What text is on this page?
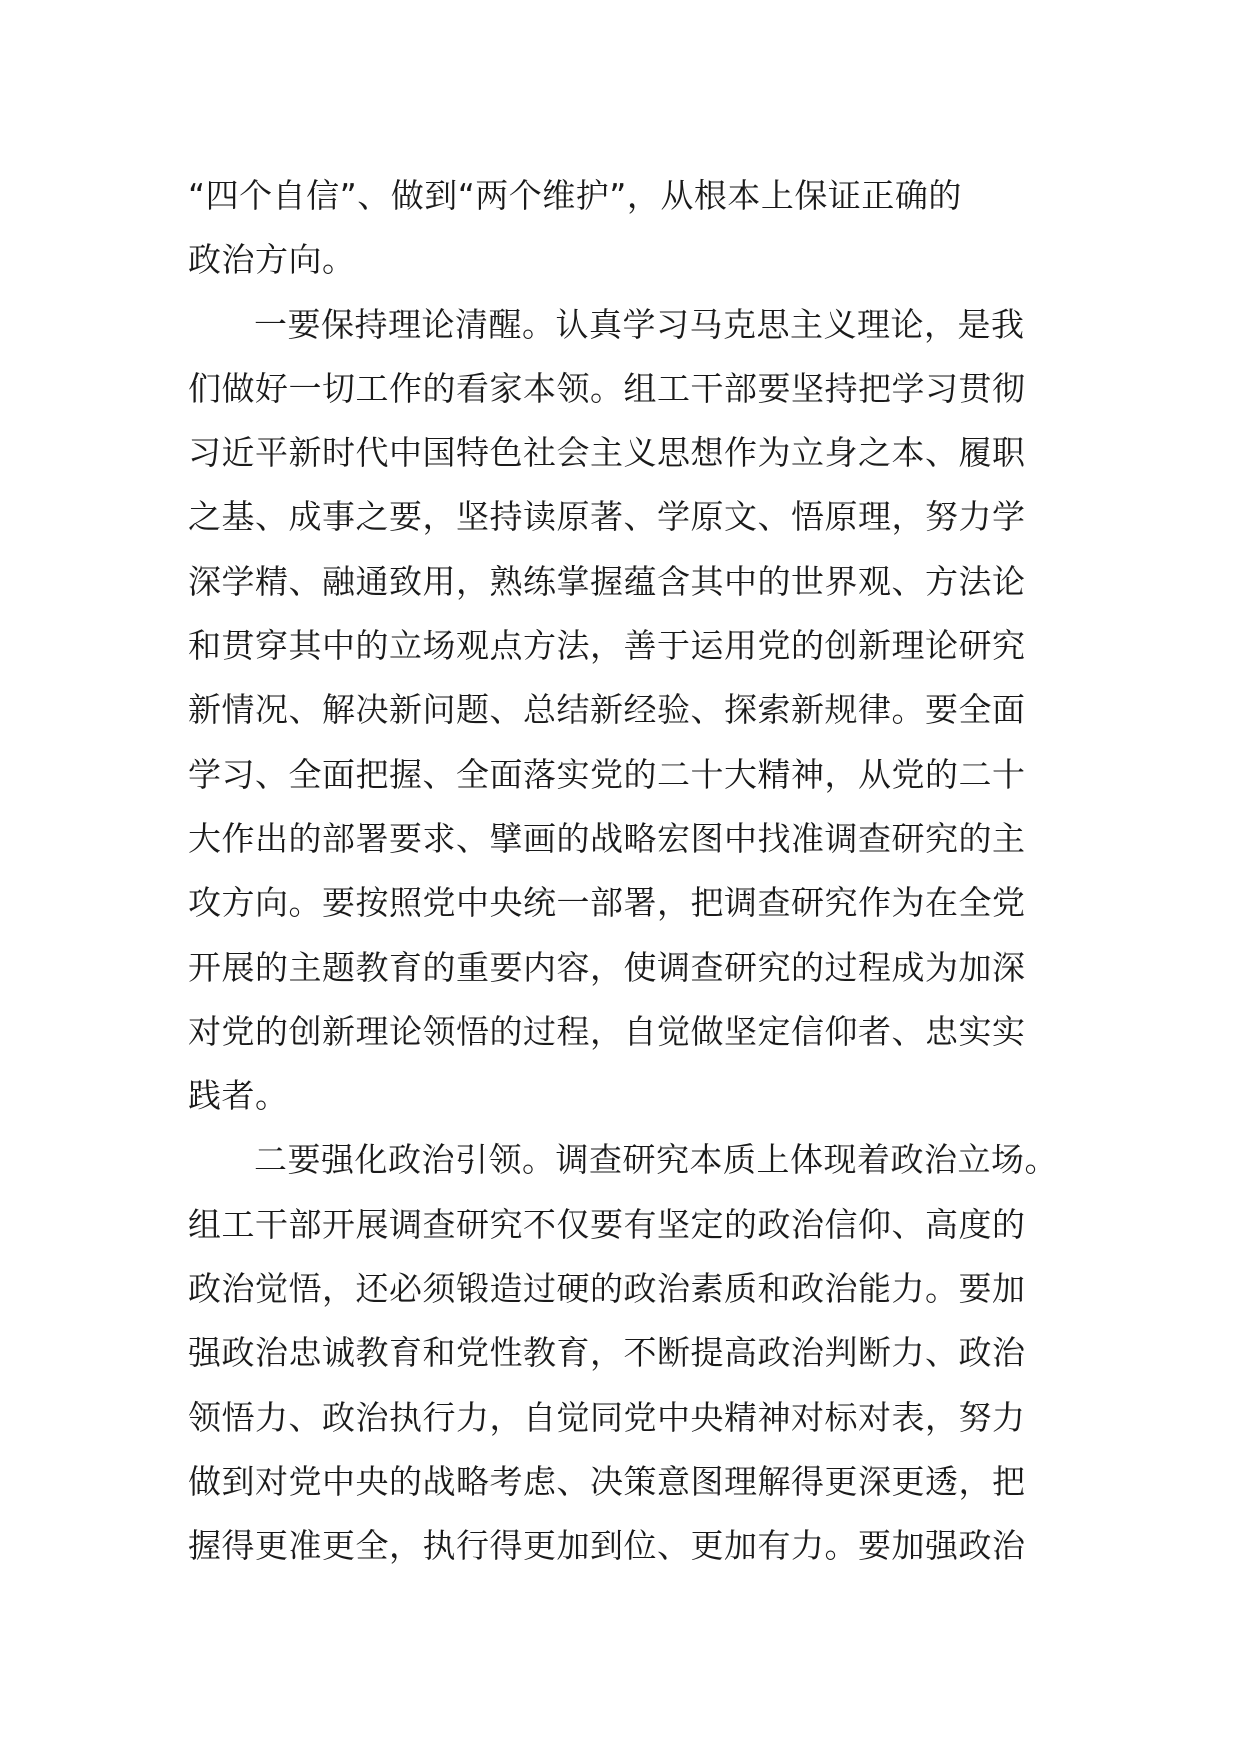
“四个自信”、做到“两个维护”，从根本上保证正确的
政治方向。
一要保持理论清醒。认真学习马克思主义理论，是我
们做好一切工作的看家本领。组工干部要坚持把学习贯彻
习近平新时代中国特色社会主义思想作为立身之本、履职
之基、成事之要，坚持读原著、学原文、悟原理，努力学
深学精、融通致用，熟练掌握蕴含其中的世界观、方法论
和贯穿其中的立场观点方法，善于运用党的创新理论研究
新情况、解决新问题、总结新经验、探索新规律。要全面
学习、全面把握、全面落实党的二十大精神，从党的二十
大作出的部署要求、擘画的战略宏图中找准调查研究的主
攻方向。要按照党中央统一部署，把调查研究作为在全党
开展的主题教育的重要内容，使调查研究的过程成为加深
对党的创新理论领悟的过程，自觉做坚定信仰者、忠实实
践者。
二要强化政治引领。调查研究本质上体现着政治立场。
组工干部开展调查研究不仅要有坚定的政治信仰、高度的
政治觉悟，还必须锻造过硬的政治素质和政治能力。要加
强政治忠诚教育和党性教育，不断提高政治判断力、政治
领悟力、政治执行力，自觉同党中央精神对标对表，努力
做到对党中央的战略考虑、决策意图理解得更深更透，把
握得更准更全，执行得更加到位、更加有力。要加强政治
